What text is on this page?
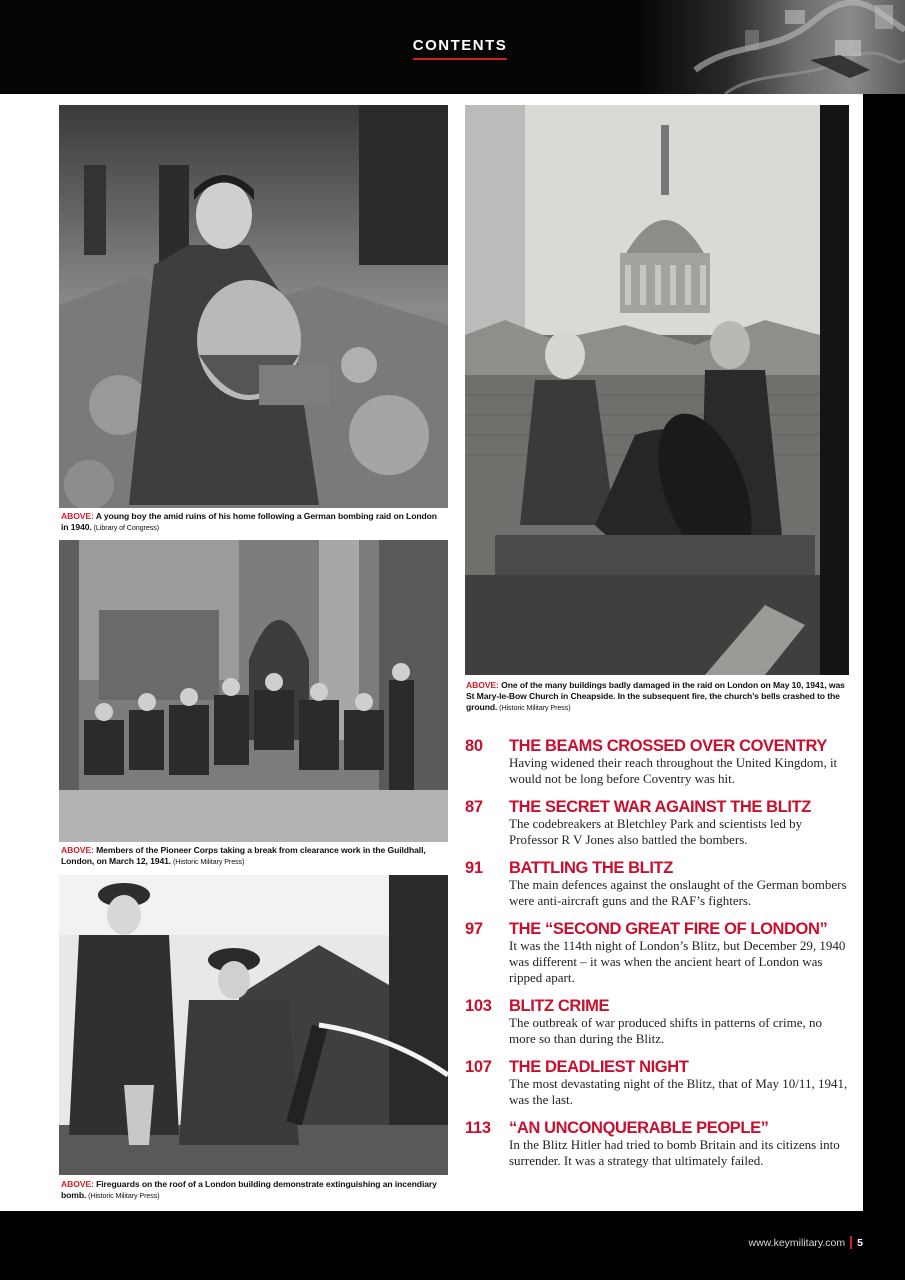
CONTENTS
ABOVE: A young boy the amid ruins of his home following a German bombing raid on London in 1940. (Library of Congress)
ABOVE: One of the many buildings badly damaged in the raid on London on May 10, 1941, was St Mary-le-Bow Church in Cheapside. In the subsequent fire, the church’s bells crashed to the ground. (Historic Military Press)
ABOVE: Members of the Pioneer Corps taking a break from clearance work in the Guildhall, London, on March 12, 1941. (Historic Military Press)
ABOVE: Fireguards on the roof of a London building demonstrate extinguishing an incendiary bomb. (Historic Military Press)
80 THE BEAMS CROSSED OVER COVENTRY
Having widened their reach throughout the United Kingdom, it would not be long before Coventry was hit.
87 THE SECRET WAR AGAINST THE BLITZ
The codebreakers at Bletchley Park and scientists led by Professor R V Jones also battled the bombers.
91 BATTLING THE BLITZ
The main defences against the onslaught of the German bombers were anti-aircraft guns and the RAF’s fighters.
97 THE “SECOND GREAT FIRE OF LONDON”
It was the 114th night of London’s Blitz, but December 29, 1940 was different – it was when the ancient heart of London was ripped apart.
103 BLITZ CRIME
The outbreak of war produced shifts in patterns of crime, no more so than during the Blitz.
107 THE DEADLIEST NIGHT
The most devastating night of the Blitz, that of May 10/11, 1941, was the last.
113 “AN UNCONQUERABLE PEOPLE”
In the Blitz Hitler had tried to bomb Britain and its citizens into surrender. It was a strategy that ultimately failed.
www.keymilitary.com 5
